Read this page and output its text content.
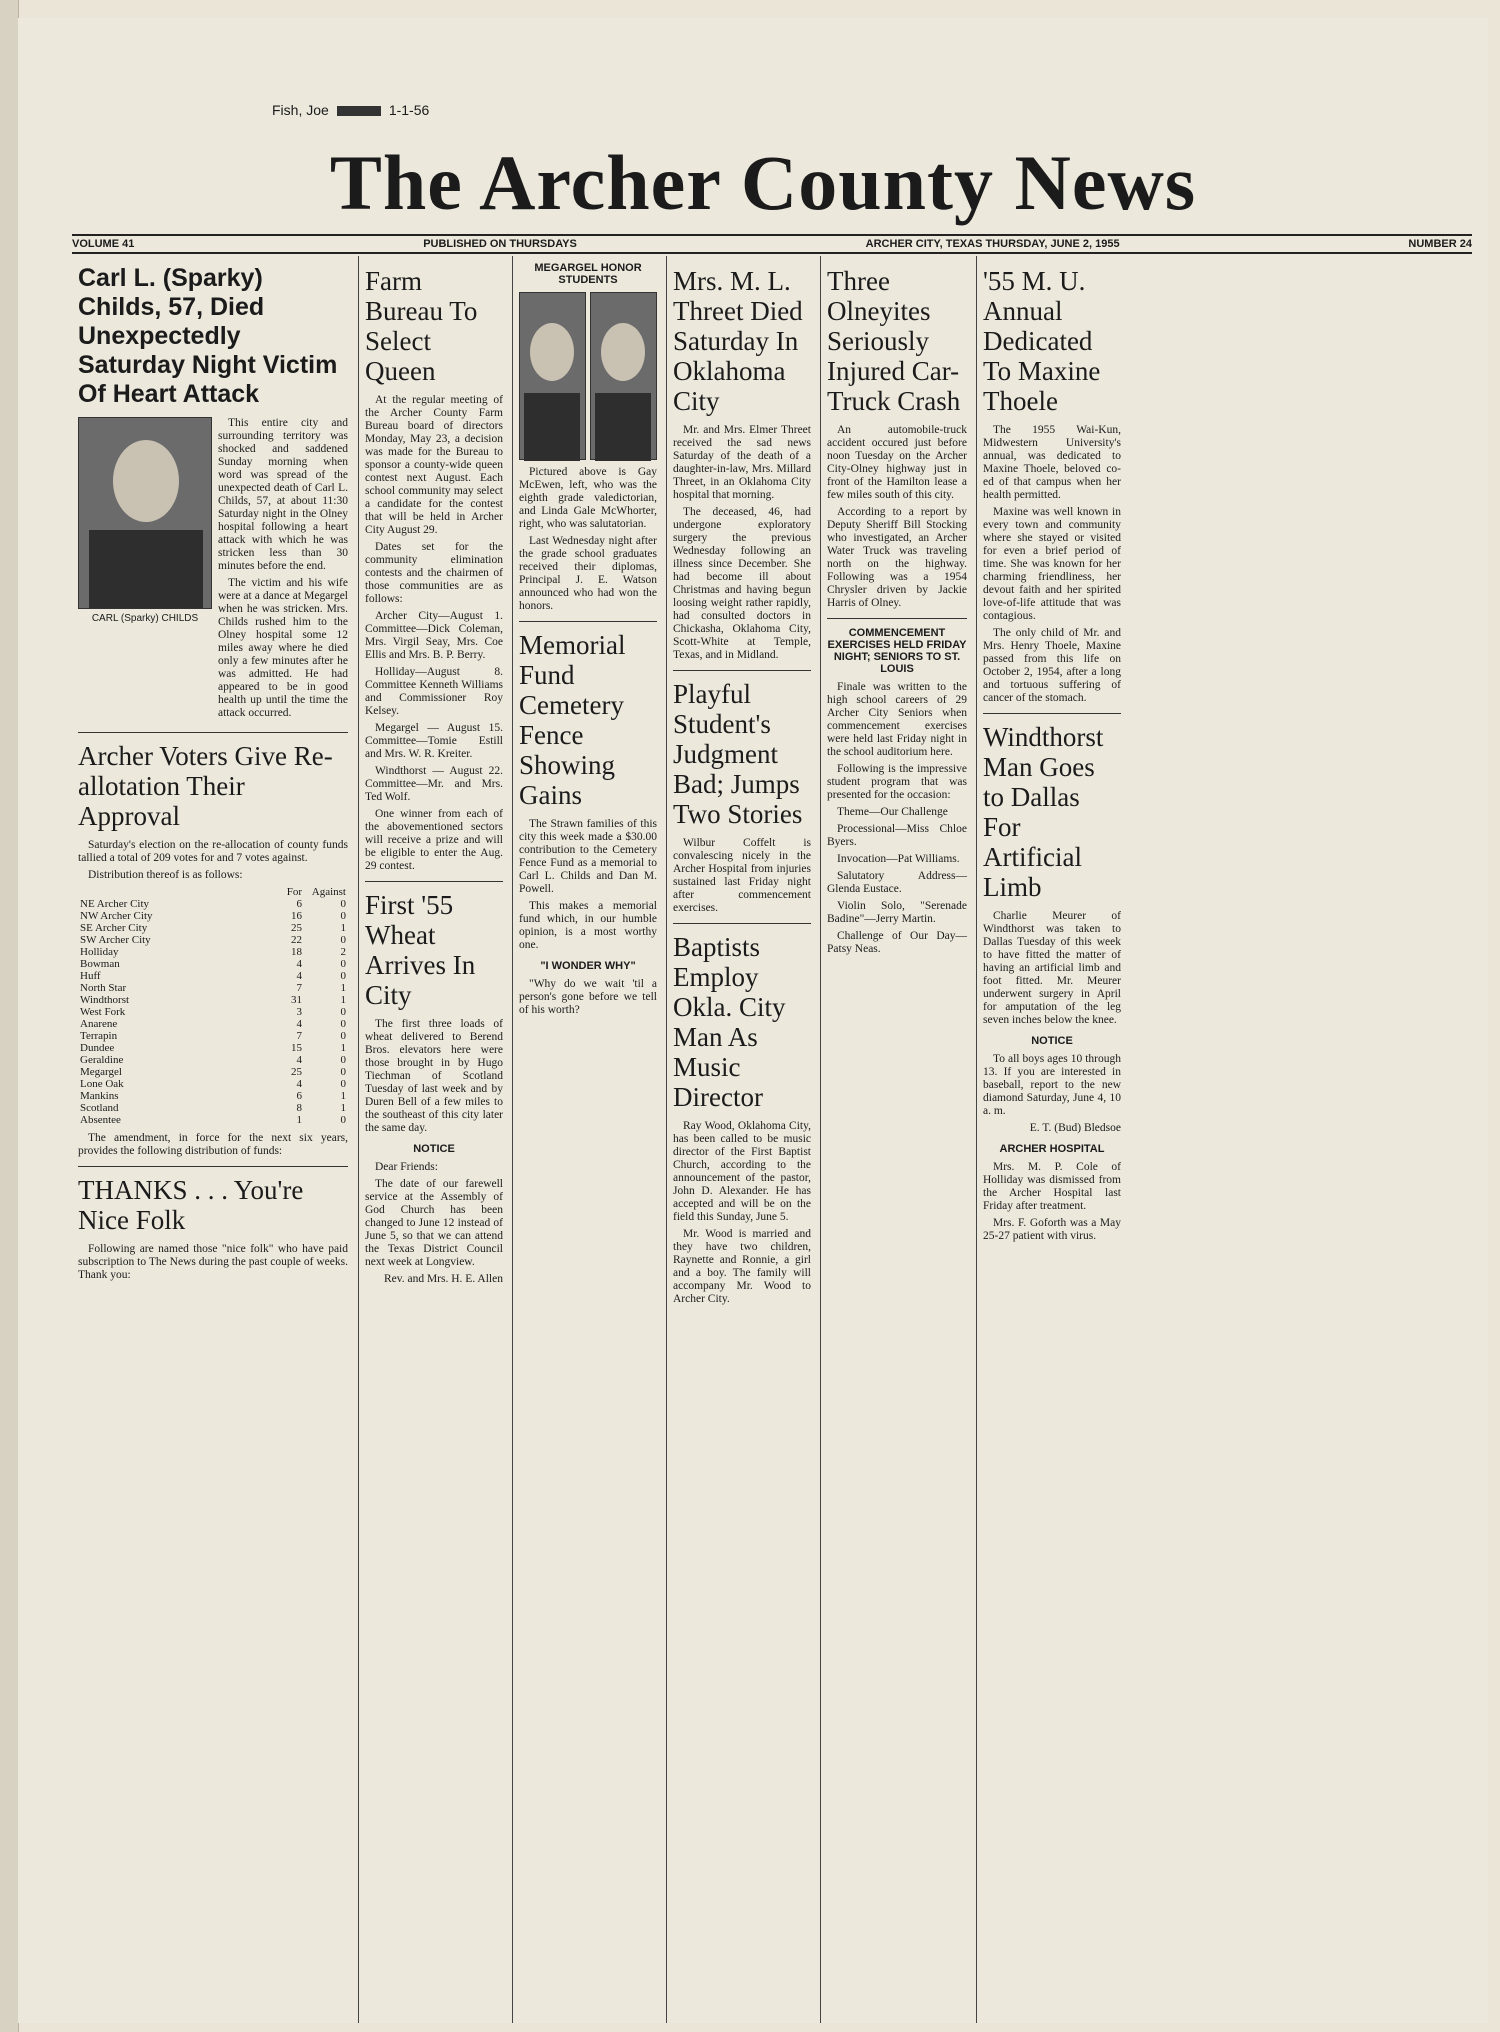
Fish, Joe	1-1-56
The Archer County News
VOLUME 41	PUBLISHED ON THURSDAYS	ARCHER CITY, TEXAS THURSDAY, JUNE 2, 1955	NUMBER 24
Carl L. (Sparky) Childs, 57, Died Unexpectedly Saturday Night Victim Of Heart Attack
CARL (Sparky) CHILDS

This entire city and surrounding territory was shocked and saddened Sunday morning when word was spread of the unexpected death of Carl L. Childs, 57, at about 11:30 Saturday night in the Olney hospital following a heart attack with which he was stricken less than 30 minutes before the end.

The victim and his wife were at a dance at Megargel when he was stricken. Mrs. Childs rushed him to the Olney hospital some 12 miles away where he died only a few minutes after he was admitted. He had appeared to be in good health up until the time the attack occurred.

Archer Voters Give Re-allotation Their Approval

Saturday's election on the re-allocation of county funds tallied a total of 209 votes for and 7 votes against.

Distribution thereof is as follows:

	For	Against
NE Archer City	6	0
NW Archer City	16	0
SE Archer City	25	1
SW Archer City	22	0
Holliday	18	2
Bowman	4	0
Huff	4	0
North Star	7	1
Windthorst	31	1
West Fork	3	0
Anarene	4	0
Terrapin	7	0
Dundee	15	1
Geraldine	4	0
Megargel	25	0
Lone Oak	4	0
Mankins	6	1
Scotland	8	1
Absentee	1	0

The amendment, in force for the next six years, provides the following distribution of funds:

THANKS . . . You're Nice Folk

Following are named those "nice folk" who have paid subscription to The News during the past couple of weeks. Thank you:

Farm Bureau To Select Queen

At the regular meeting of the Archer County Farm Bureau board of directors Monday, May 23, a decision was made for the Bureau to sponsor a county-wide queen contest next August. Each school community may select a candidate for the contest that will be held in Archer City August 29.

Dates set for the community elimination contests and the chairmen of those communities are as follows:

Archer City—August 1. Committee—Dick Coleman, Mrs. Virgil Seay, Mrs. Coe Ellis and Mrs. B. P. Berry.

Holliday—August 8. Committee Kenneth Williams and Commissioner Roy Kelsey.

Megargel — August 15. Committee—Tomie Estill and Mrs. W. R. Kreiter.

Windthorst — August 22. Committee—Mr. and Mrs. Ted Wolf.

One winner from each of the abovementioned sectors will receive a prize and will be eligible to enter the Aug. 29 contest.

First '55 Wheat Arrives In City

The first three loads of wheat delivered to Berend Bros. elevators here were those brought in by Hugo Tiechman of Scotland Tuesday of last week and by Duren Bell of a few miles to the southeast of this city later the same day.

NOTICE

Dear Friends:

The date of our farewell service at the Assembly of God Church has been changed to June 12 instead of June 5, so that we can attend the Texas District Council next week at Longview.

Rev. and Mrs. H. E. Allen

MEGARGEL HONOR STUDENTS

Pictured above is Gay McEwen, left, who was the eighth grade valedictorian, and Linda Gale McWhorter, right, who was salutatorian.

Last Wednesday night after the grade school graduates received their diplomas, Principal J. E. Watson announced who had won the honors.

Memorial Fund Cemetery Fence Showing Gains

The Strawn families of this city this week made a $30.00 contribution to the Cemetery Fence Fund as a memorial to Carl L. Childs and Dan M. Powell.

This makes a memorial fund which, in our humble opinion, is a most worthy one.

"I WONDER WHY"

"Why do we wait 'til a person's gone before we tell of his worth?

Mrs. M. L. Threet Died Saturday In Oklahoma City

Mr. and Mrs. Elmer Threet received the sad news Saturday of the death of a daughter-in-law, Mrs. Millard Threet, in an Oklahoma City hospital that morning.

The deceased, 46, had undergone exploratory surgery the previous Wednesday following an illness since December. She had become ill about Christmas and having begun loosing weight rather rapidly, had consulted doctors in Chickasha, Oklahoma City, Scott-White at Temple, Texas, and in Midland.

Playful Student's Judgment Bad; Jumps Two Stories

Wilbur Coffelt is convalescing nicely in the Archer Hospital from injuries sustained last Friday night after commencement exercises.

Baptists Employ Okla. City Man As Music Director

Ray Wood, Oklahoma City, has been called to be music director of the First Baptist Church, according to the announcement of the pastor, John D. Alexander. He has accepted and will be on the field this Sunday, June 5.

Mr. Wood is married and they have two children, Raynette and Ronnie, a girl and a boy. The family will accompany Mr. Wood to Archer City.

Three Olneyites Seriously Injured Car-Truck Crash

An automobile-truck accident occured just before noon Tuesday on the Archer City-Olney highway just in front of the Hamilton lease a few miles south of this city.

According to a report by Deputy Sheriff Bill Stocking who investigated, an Archer Water Truck was traveling north on the highway. Following was a 1954 Chrysler driven by Jackie Harris of Olney.

COMMENCEMENT EXERCISES HELD FRIDAY NIGHT; SENIORS TO ST. LOUIS

Finale was written to the high school careers of 29 Archer City Seniors when commencement exercises were held last Friday night in the school auditorium here.

Following is the impressive student program that was presented for the occasion:

Theme—Our Challenge

Processional—Miss Chloe Byers.

Invocation—Pat Williams.

Salutatory Address—Glenda Eustace.

Violin Solo, "Serenade Badine"—Jerry Martin.

Challenge of Our Day—Patsy Neas.

'55 M. U. Annual Dedicated To Maxine Thoele

The 1955 Wai-Kun, Midwestern University's annual, was dedicated to Maxine Thoele, beloved co-ed of that campus when her health permitted.

Maxine was well known in every town and community where she stayed or visited for even a brief period of time. She was known for her charming friendliness, her devout faith and her spirited love-of-life attitude that was contagious.

The only child of Mr. and Mrs. Henry Thoele, Maxine passed from this life on October 2, 1954, after a long and tortuous suffering of cancer of the stomach.

Windthorst Man Goes to Dallas For Artificial Limb

Charlie Meurer of Windthorst was taken to Dallas Tuesday of this week to have fitted the matter of having an artificial limb and foot fitted. Mr. Meurer underwent surgery in April for amputation of the leg seven inches below the knee.

NOTICE

To all boys ages 10 through 13. If you are interested in baseball, report to the new diamond Saturday, June 4, 10 a. m.

E. T. (Bud) Bledsoe

ARCHER HOSPITAL

Mrs. M. P. Cole of Holliday was dismissed from the Archer Hospital last Friday after treatment.

Mrs. F. Goforth was a May 25-27 patient with virus.
